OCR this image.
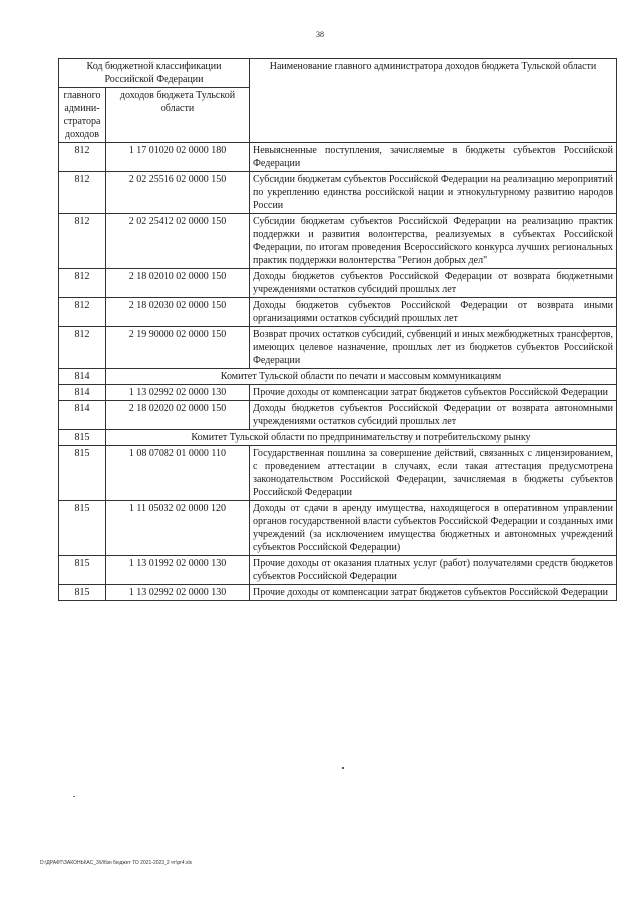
38
Код бюджетной классификации Российской Федерации		Наименование главного администратора доходов бюджета Тульской области
главного админи-стратора доходов	доходов бюджета Тульской области	
812	1 17 01020 02 0000 180	Невыясненные поступления, зачисляемые в бюджеты субъектов Российской Федерации
812	2 02 25516 02 0000 150	Субсидии бюджетам субъектов Российской Федерации на реализацию мероприятий по укреплению единства российской нации и этнокультурному развитию народов России
812	2 02 25412 02 0000 150	Субсидии бюджетам субъектов Российской Федерации на реализацию практик поддержки и развития волонтерства, реализуемых в субъектах Российской Федерации, по итогам проведения Всероссийского конкурса лучших региональных практик поддержки волонтерства "Регион добрых дел"
812	2 18 02010 02 0000 150	Доходы бюджетов субъектов Российской Федерации от возврата бюджетными учреждениями остатков субсидий прошлых лет
812	2 18 02030 02 0000 150	Доходы бюджетов субъектов Российской Федерации от возврата иными организациями остатков субсидий прошлых лет
812	2 19 90000 02 0000 150	Возврат прочих остатков субсидий, субвенций и иных межбюджетных трансфертов, имеющих целевое назначение, прошлых лет из бюджетов субъектов Российской Федерации
814	Комитет Тульской области по печати и массовым коммуникациям	
814	1 13 02992 02 0000 130	Прочие доходы от компенсации затрат бюджетов субъектов Российской Федерации
814	2 18 02020 02 0000 150	Доходы бюджетов субъектов Российской Федерации от возврата автономными учреждениями остатков субсидий прошлых лет
815	Комитет Тульской области по предпринимательству и потребительскому рынку	
815	1 08 07082 01 0000 110	Государственная пошлина за совершение действий, связанных с лицензированием, с проведением аттестации в случаях, если такая аттестация предусмотрена законодательством Российской Федерации, зачисляемая в бюджеты субъектов Российской Федерации
815	1 11 05032 02 0000 120	Доходы от сдачи в аренду имущества, находящегося в оперативном управлении органов государственной власти субъектов Российской Федерации и созданных ими учреждений (за исключением имущества бюджетных и автономных учреждений субъектов Российской Федерации)
815	1 13 01992 02 0000 130	Прочие доходы от оказания платных услуг (работ) получателями средств бюджетов субъектов Российской Федерации
815	1 13 02992 02 0000 130	Прочие доходы от компенсации затрат бюджетов субъектов Российской Федерации
D:\ДРАФТ\ЗАКОНЫ\АС_3\Ибзн бюджет ТО 2021-2023_2 чт\pr4.xls
